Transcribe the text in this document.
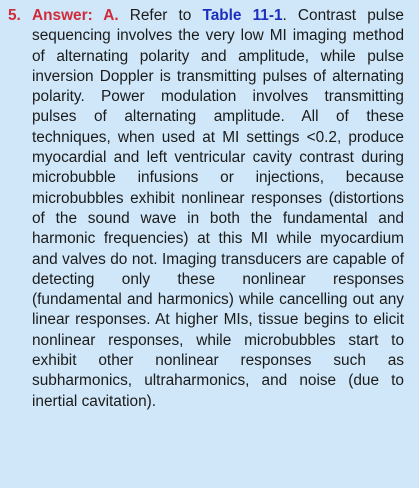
5. Answer: A. Refer to Table 11-1. Contrast pulse sequencing involves the very low MI imaging method of alternating polarity and amplitude, while pulse inversion Doppler is transmitting pulses of alternating polarity. Power modulation involves transmitting pulses of alternating amplitude. All of these techniques, when used at MI settings <0.2, produce myocardial and left ventricular cavity contrast during microbubble infusions or injections, because microbubbles exhibit nonlinear responses (distortions of the sound wave in both the fundamental and harmonic frequencies) at this MI while myocardium and valves do not. Imaging transducers are capable of detecting only these nonlinear responses (fundamental and harmonics) while cancelling out any linear responses. At higher MIs, tissue begins to elicit nonlinear responses, while microbubbles start to exhibit other nonlinear responses such as subharmonics, ultraharmonics, and noise (due to inertial cavitation).
